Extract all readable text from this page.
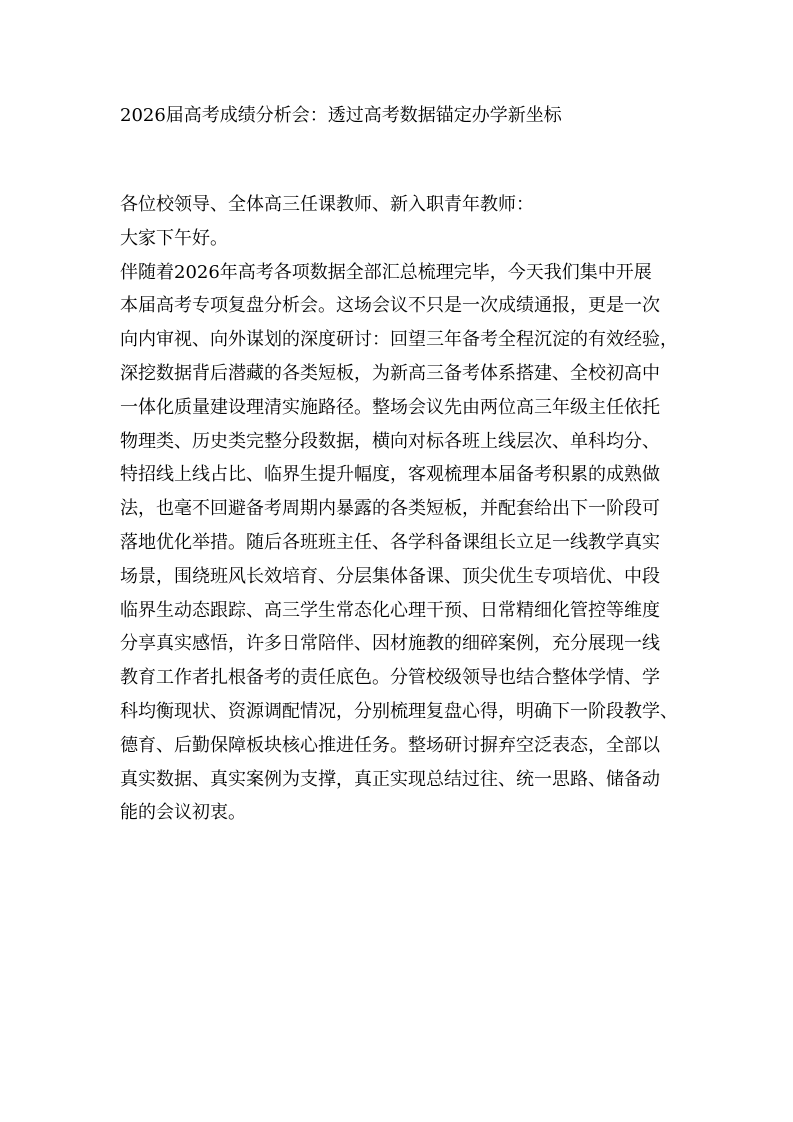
2026届高考成绩分析会：透过高考数据锚定办学新坐标
各位校领导、全体高三任课教师、新入职青年教师：
大家下午好。
伴随着2026年高考各项数据全部汇总梳理完毕，今天我们集中开展
本届高考专项复盘分析会。这场会议不只是一次成绩通报，更是一次
向内审视、向外谋划的深度研讨：回望三年备考全程沉淀的有效经验，
深挖数据背后潜藏的各类短板，为新高三备考体系搭建、全校初高中
一体化质量建设理清实施路径。整场会议先由两位高三年级主任依托
物理类、历史类完整分段数据，横向对标各班上线层次、单科均分、
特招线上线占比、临界生提升幅度，客观梳理本届备考积累的成熟做
法，也毫不回避备考周期内暴露的各类短板，并配套给出下一阶段可
落地优化举措。随后各班班主任、各学科备课组长立足一线教学真实
场景，围绕班风长效培育、分层集体备课、顶尖优生专项培优、中段
临界生动态跟踪、高三学生常态化心理干预、日常精细化管控等维度
分享真实感悟，许多日常陪伴、因材施教的细碎案例，充分展现一线
教育工作者扎根备考的责任底色。分管校级领导也结合整体学情、学
科均衡现状、资源调配情况，分别梳理复盘心得，明确下一阶段教学、
德育、后勤保障板块核心推进任务。整场研讨摒弃空泛表态，全部以
真实数据、真实案例为支撑，真正实现总结过往、统一思路、储备动
能的会议初衷。
